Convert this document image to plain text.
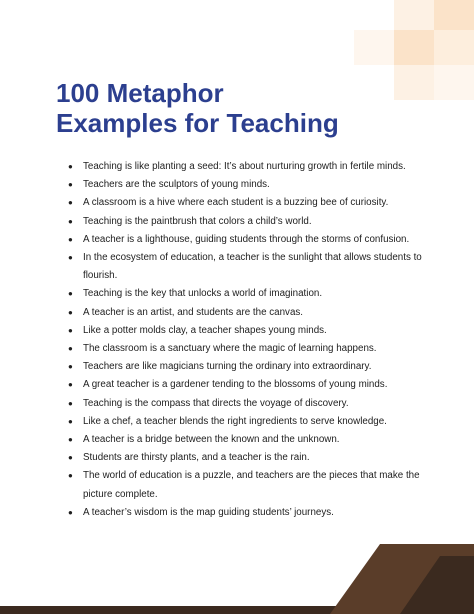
100 Metaphor
Examples for Teaching
● Teaching is like planting a seed: It’s about nurturing growth in fertile minds.
● Teachers are the sculptors of young minds.
● A classroom is a hive where each student is a buzzing bee of curiosity.
● Teaching is the paintbrush that colors a child’s world.
● A teacher is a lighthouse, guiding students through the storms of confusion.
● In the ecosystem of education, a teacher is the sunlight that allows students to
flourish.
● Teaching is the key that unlocks a world of imagination.
● A teacher is an artist, and students are the canvas.
● Like a potter molds clay, a teacher shapes young minds.
● The classroom is a sanctuary where the magic of learning happens.
● Teachers are like magicians turning the ordinary into extraordinary.
● A great teacher is a gardener tending to the blossoms of young minds.
● Teaching is the compass that directs the voyage of discovery.
● Like a chef, a teacher blends the right ingredients to serve knowledge.
● A teacher is a bridge between the known and the unknown.
● Students are thirsty plants, and a teacher is the rain.
● The world of education is a puzzle, and teachers are the pieces that make the
picture complete.
● A teacher’s wisdom is the map guiding students’ journeys.
